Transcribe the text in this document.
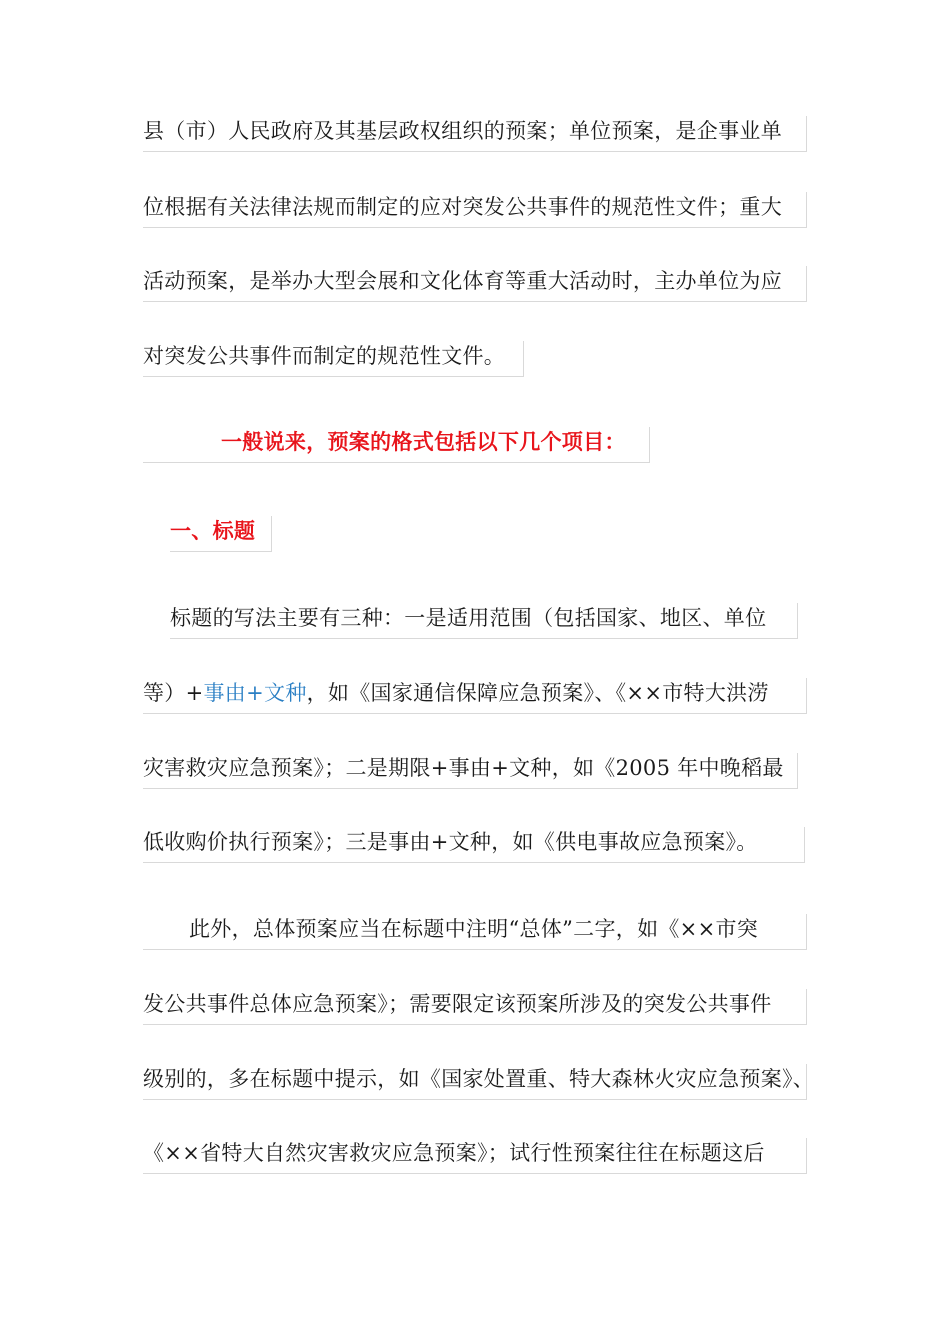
县（市）人民政府及其基层政权组织的预案；单位预案，是企事业单
位根据有关法律法规而制定的应对突发公共事件的规范性文件；重大
活动预案，是举办大型会展和文化体育等重大活动时，主办单位为应
对突发公共事件而制定的规范性文件。
一般说来，预案的格式包括以下几个项目：
一、标题
标题的写法主要有三种：一是适用范围（包括国家、地区、单位
等）+事由+文种，如《国家通信保障应急预案》、《××市特大洪涝
灾害救灾应急预案》；二是期限+事由+文种，如《2005 年中晚稻最
低收购价执行预案》；三是事由+文种，如《供电事故应急预案》。
此外，总体预案应当在标题中注明“总体”二字，如《××市突
发公共事件总体应急预案》；需要限定该预案所涉及的突发公共事件
级别的，多在标题中提示，如《国家处置重、特大森林火灾应急预案》、
《××省特大自然灾害救灾应急预案》；试行性预案往往在标题这后
